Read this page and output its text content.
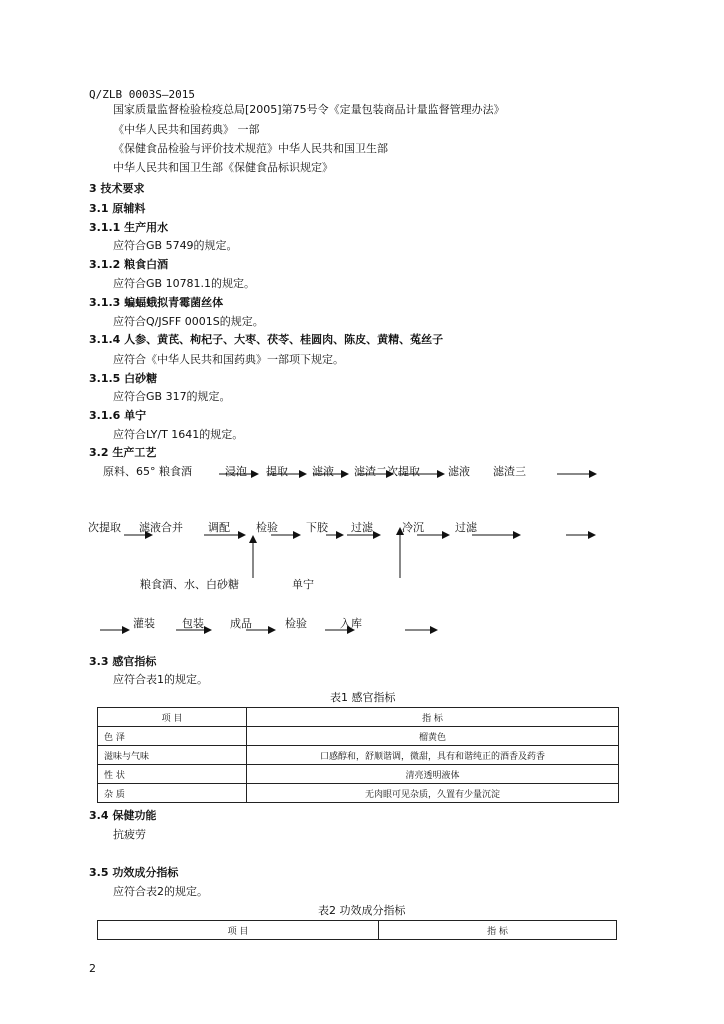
Q/ZLB 0003S—2015
国家质量监督检验检疫总局[2005]第75号令《定量包装商品计量监督管理办法》
《中华人民共和国药典》 一部
《保健食品检验与评价技术规范》中华人民共和国卫生部
中华人民共和国卫生部《保健食品标识规定》
3 技术要求
3.1 原辅料
3.1.1 生产用水
应符合GB 5749的规定。
3.1.2 粮食白酒
应符合GB 10781.1的规定。
3.1.3 蝙蝠蛾拟青霉菌丝体
应符合Q/JSFF 0001S的规定。
3.1.4 人参、黄芪、枸杞子、大枣、茯苓、桂圆肉、陈皮、黄精、菟丝子
应符合《中华人民共和国药典》一部项下规定。
3.1.5 白砂糖
应符合GB 317的规定。
3.1.6 单宁
应符合LY/T 1641的规定。
3.2 生产工艺
原料、65° 粮食酒	浸泡 提取 滤液 滤渣二次提取	滤液 滤渣三
次提取 滤液合并 调配 检验	下胶 过滤	冷沉	过滤
粮食酒、水、白砂糖	单宁
灌装 包装 成品	检验	入库
3.3 感官指标
应符合表1的规定。
表1 感官指标
项 目	指 标
色 泽	榴黄色
滋味与气味	口感醇和，舒顺谐调，微甜，具有和谐纯正的酒香及药香
性 状	清亮透明液体
杂 质	无肉眼可见杂质，久置有少量沉淀
3.4 保健功能
抗疲劳
3.5 功效成分指标
应符合表2的规定。
表2 功效成分指标
项 目	指 标
2
